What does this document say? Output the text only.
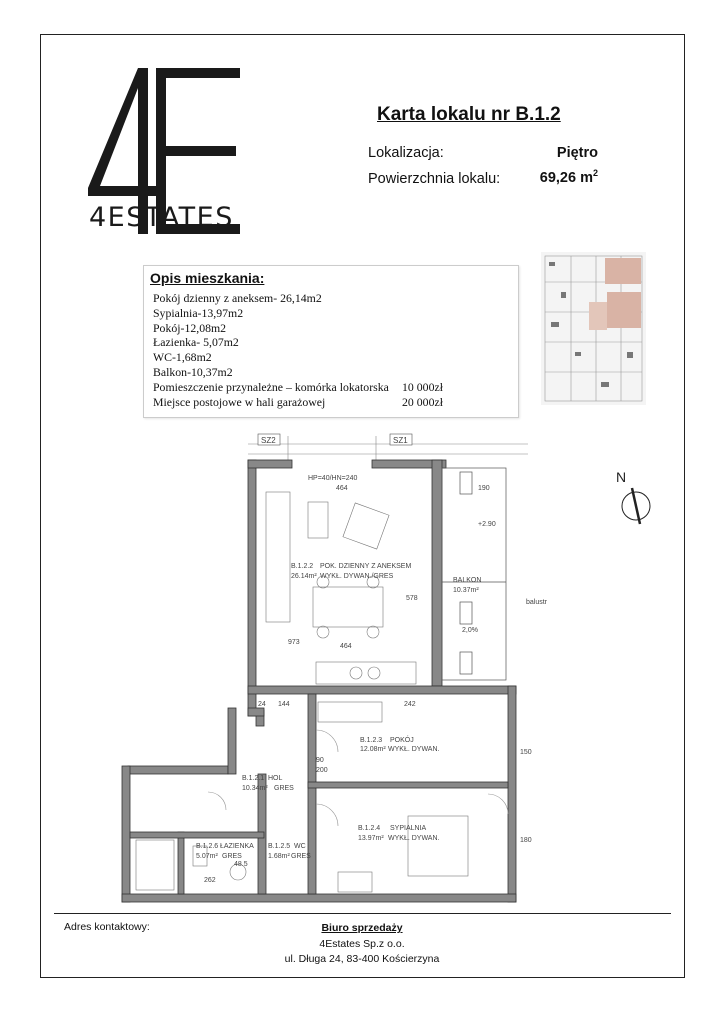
4ESTATES
Karta lokalu nr B.1.2
Lokalizacja:	Piętro
Powierzchnia lokalu:	69,26 $m^2$
Opis mieszkania:
Pokój dzienny z aneksem- 26,14m2
Sypialnia-13,97m2
Pokój-12,08m2
Łazienka- 5,07m2
WC-1,68m2
Balkon-10,37m2
Pomieszczenie przynależne – komórka lokatorska 10 000zł
Miejsce postojowe w hali garażowej	20 000zł
SZ2	SZ1
B.1.2.2 POK. DZIENNY Z ANEKSEM
26.14m² WYKŁ. DYWAN./GRES
B.1.2.3 POKÓJ
12.08m² WYKŁ. DYWAN.
B.1.2.1 HOL
10.34m² GRES
B.1.2.4 SYPIALNIA
13.97m² WYKŁ. DYWAN.
B.1.2.6 ŁAZIENKA
5.07m² GRES
B.1.2.5 WC
1.68m² GRES
BALKON
10.37m²
464
464
578
973
24 144	242
90
200
262
48.5
190
150
180
2,0%
HP=40/HN=240
+2.90
balustr
N
Adres kontaktowy:	Biuro sprzedaży
4Estates Sp.z o.o.
ul. Długa 24, 83-400 Kościerzyna
